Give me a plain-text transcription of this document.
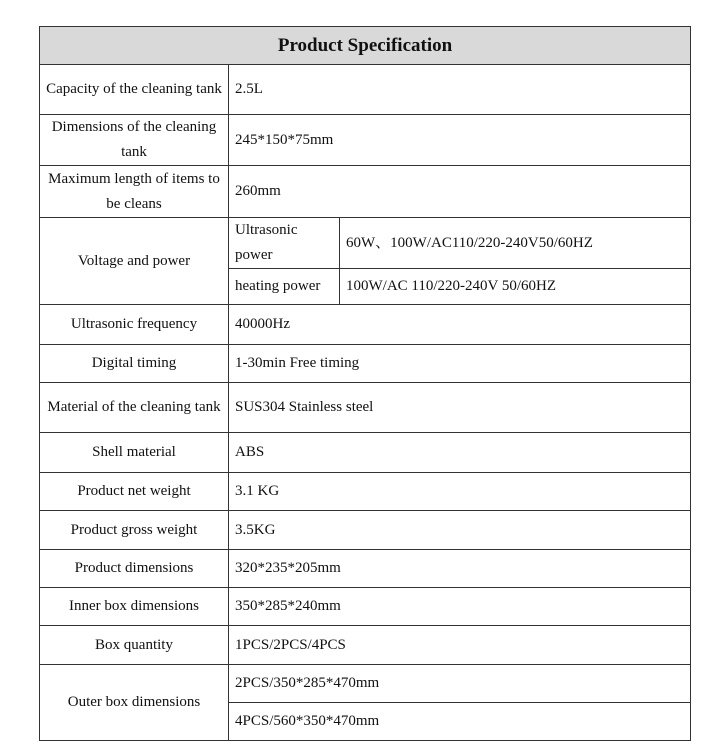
Product Specification		
Capacity of the cleaning tank	2.5L	
Dimensions of the cleaning tank	245*150*75mm	
Maximum length of items to be cleans	260mm	
Voltage and power	Ultrasonic power	60W、100W/AC110/220-240V50/60HZ
	heating power	100W/AC 110/220-240V 50/60HZ
Ultrasonic frequency	40000Hz	
Digital timing	1-30min Free timing	
Material of the cleaning tank	SUS304 Stainless steel	
Shell material	ABS	
Product net weight	3.1 KG	
Product gross weight	3.5KG	
Product dimensions	320*235*205mm	
Inner box dimensions	350*285*240mm	
Box quantity	1PCS/2PCS/4PCS	
Outer box dimensions	2PCS/350*285*470mm	
	4PCS/560*350*470mm	
